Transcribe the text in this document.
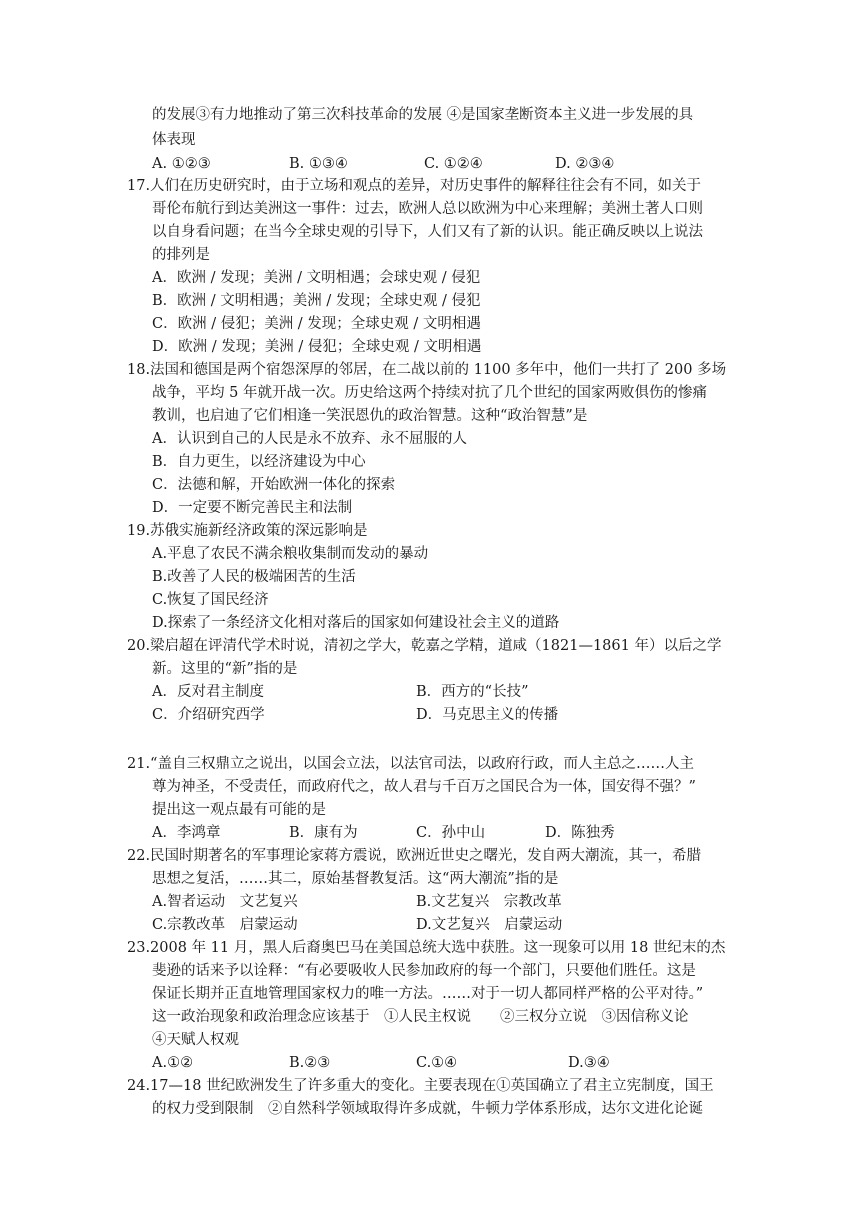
的发展③有力地推动了第三次科技革命的发展 ④是国家垄断资本主义进一步发展的具
体表现
A. ①②③	B. ①③④	C. ①②④	D. ②③④
17.人们在历史研究时，由于立场和观点的差异，对历史事件的解释往往会有不同，如关于
哥伦布航行到达美洲这一事件：过去，欧洲人总以欧洲为中心来理解；美洲土著人口则
以自身看问题；在当今全球史观的引导下，人们又有了新的认识。能正确反映以上说法
的排列是
A．欧洲 / 发现；美洲 / 文明相遇；会球史观 / 侵犯
B．欧洲 / 文明相遇；美洲 / 发现；全球史观 / 侵犯
C．欧洲 / 侵犯；美洲 / 发现；全球史观 / 文明相遇
D．欧洲 / 发现；美洲 / 侵犯；全球史观 / 文明相遇
18.法国和德国是两个宿怨深厚的邻居，在二战以前的 1100 多年中，他们一共打了 200 多场
战争，平均 5 年就开战一次。历史给这两个持续对抗了几个世纪的国家两败俱伤的惨痛
教训，也启迪了它们相逢一笑泯恩仇的政治智慧。这种“政治智慧”是
A．认识到自己的人民是永不放弃、永不屈服的人
B．自力更生，以经济建设为中心
C．法德和解，开始欧洲一体化的探索
D．一定要不断完善民主和法制
19.苏俄实施新经济政策的深远影响是
A.平息了农民不满余粮收集制而发动的暴动
B.改善了人民的极端困苦的生活
C.恢复了国民经济
D.探索了一条经济文化相对落后的国家如何建设社会主义的道路
20.梁启超在评清代学术时说，清初之学大，乾嘉之学精，道咸（1821—1861 年）以后之学
新。这里的“新”指的是
A．反对君主制度	B．西方的“长技”
C．介绍研究西学	D．马克思主义的传播
21.“盖自三权鼎立之说出，以国会立法，以法官司法，以政府行政，而人主总之……人主
尊为神圣，不受责任，而政府代之，故人君与千百万之国民合为一体，国安得不强？”
提出这一观点最有可能的是
A．李鸿章	B．康有为	C．孙中山	D．陈独秀
22.民国时期著名的军事理论家蒋方震说，欧洲近世史之曙光，发自两大潮流，其一，希腊
思想之复活，……其二，原始基督教复活。这“两大潮流”指的是
A.智者运动　文艺复兴	B.文艺复兴　宗教改革
C.宗教改革　启蒙运动	D.文艺复兴　启蒙运动
23.2008 年 11 月，黑人后裔奥巴马在美国总统大选中获胜。这一现象可以用 18 世纪末的杰
斐逊的话来予以诠释：“有必要吸收人民参加政府的每一个部门，只要他们胜任。这是
保证长期并正直地管理国家权力的唯一方法。……对于一切人都同样严格的公平对待。”
这一政治现象和政治理念应该基于　①人民主权说　　②三权分立说　③因信称义论
④天赋人权观
A.①②	B.②③	C.①④	D.③④
24.17—18 世纪欧洲发生了许多重大的变化。主要表现在①英国确立了君主立宪制度，国王
的权力受到限制　②自然科学领域取得许多成就，牛顿力学体系形成，达尔文进化论诞
